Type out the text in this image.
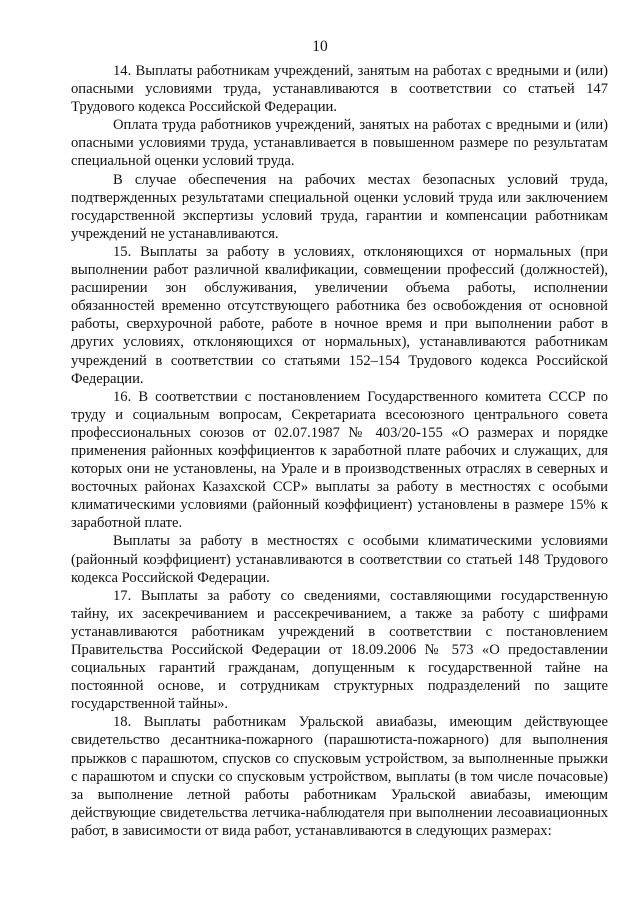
10

14. Выплаты работникам учреждений, занятым на работах с вредными и (или) опасными условиями труда, устанавливаются в соответствии со статьей 147 Трудового кодекса Российской Федерации.

Оплата труда работников учреждений, занятых на работах с вредными и (или) опасными условиями труда, устанавливается в повышенном размере по результатам специальной оценки условий труда.

В случае обеспечения на рабочих местах безопасных условий труда, подтвержденных результатами специальной оценки условий труда или заключением государственной экспертизы условий труда, гарантии и компенсации работникам учреждений не устанавливаются.

15. Выплаты за работу в условиях, отклоняющихся от нормальных (при выполнении работ различной квалификации, совмещении профессий (должностей), расширении зон обслуживания, увеличении объема работы, исполнении обязанностей временно отсутствующего работника без освобождения от основной работы, сверхурочной работе, работе в ночное время и при выполнении работ в других условиях, отклоняющихся от нормальных), устанавливаются работникам учреждений в соответствии со статьями 152–154 Трудового кодекса Российской Федерации.

16. В соответствии с постановлением Государственного комитета СССР по труду и социальным вопросам, Секретариата всесоюзного центрального совета профессиональных союзов от 02.07.1987 № 403/20-155 «О размерах и порядке применения районных коэффициентов к заработной плате рабочих и служащих, для которых они не установлены, на Урале и в производственных отраслях в северных и восточных районах Казахской ССР» выплаты за работу в местностях с особыми климатическими условиями (районный коэффициент) установлены в размере 15% к заработной плате.

Выплаты за работу в местностях с особыми климатическими условиями (районный коэффициент) устанавливаются в соответствии со статьей 148 Трудового кодекса Российской Федерации.

17. Выплаты за работу со сведениями, составляющими государственную тайну, их засекречиванием и рассекречиванием, а также за работу с шифрами устанавливаются работникам учреждений в соответствии с постановлением Правительства Российской Федерации от 18.09.2006 № 573 «О предоставлении социальных гарантий гражданам, допущенным к государственной тайне на постоянной основе, и сотрудникам структурных подразделений по защите государственной тайны».

18. Выплаты работникам Уральской авиабазы, имеющим действующее свидетельство десантника-пожарного (парашютиста-пожарного) для выполнения прыжков с парашютом, спусков со спусковым устройством, за выполненные прыжки с парашютом и спуски со спусковым устройством, выплаты (в том числе почасовые) за выполнение летной работы работникам Уральской авиабазы, имеющим действующие свидетельства летчика-наблюдателя при выполнении лесоавиационных работ, в зависимости от вида работ, устанавливаются в следующих размерах:
